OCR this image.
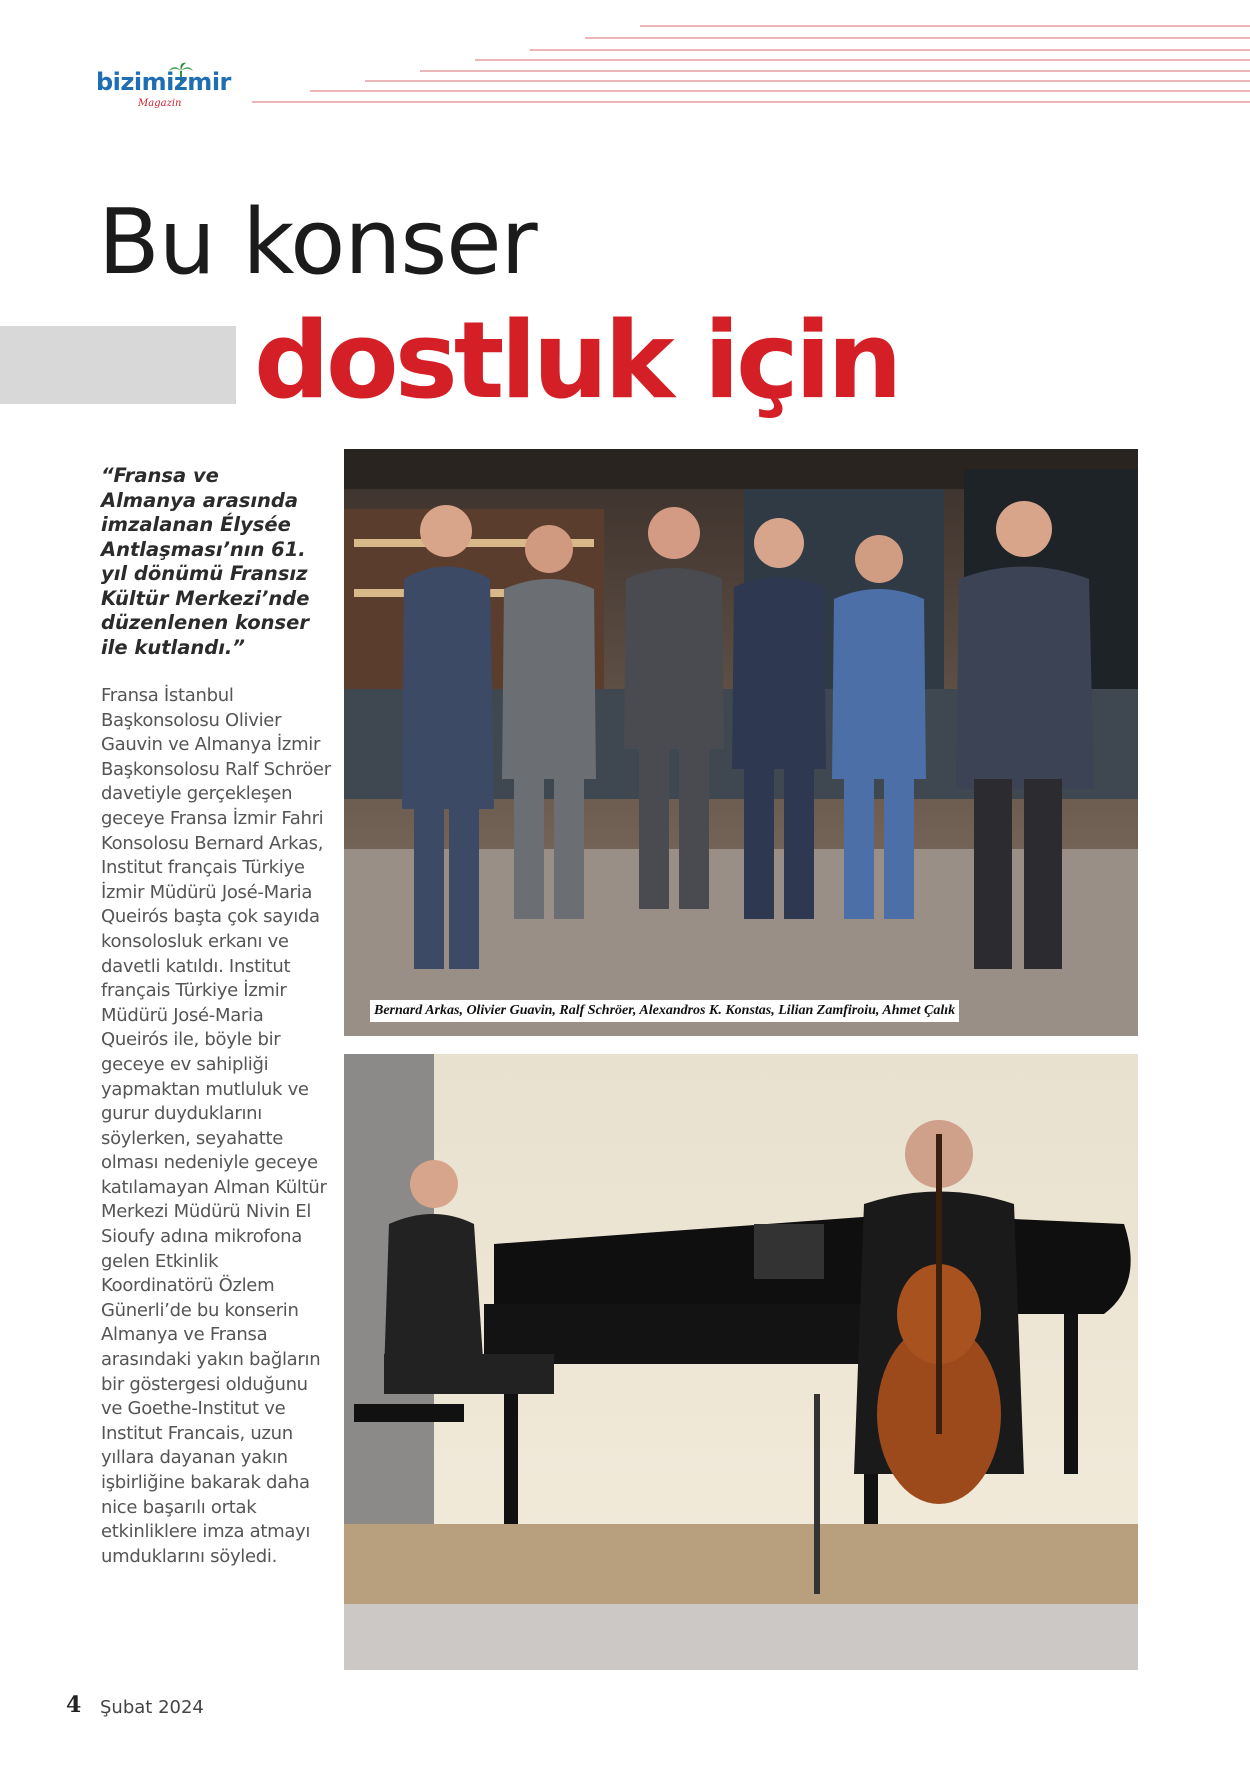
bizimizmir
Magazin
Bu konser
dostluk için

“Fransa ve Almanya arasında imzalanan Élysée Antlaşması’nın 61. yıl dönümü Fransız Kültür Merkezi’nde düzenlenen konser ile kutlandı.”

Fransa İstanbul Başkonsolosu Olivier Gauvin ve Almanya İzmir Başkonsolosu Ralf Schröer davetiyle gerçekleşen geceye Fransa İzmir Fahri Konsolosu Bernard Arkas, Institut français Türkiye İzmir Müdürü José-Maria Queirós başta çok sayıda konsolosluk erkanı ve davetli katıldı. Institut français Türkiye İzmir Müdürü José-Maria Queirós ile, böyle bir geceye ev sahipliği yapmaktan mutluluk ve gurur duyduklarını söylerken, seyahatte olması nedeniyle geceye katılamayan Alman Kültür Merkezi Müdürü Nivin El Sioufy adına mikrofona gelen Etkinlik Koordinatörü Özlem Günerli’de bu konserin Almanya ve Fransa arasındaki yakın bağların bir göstergesi olduğunu ve Goethe-Institut ve Institut Francais, uzun yıllara dayanan yakın işbirliğine bakarak daha nice başarılı ortak etkinliklere imza atmayı umduklarını söyledi.

Bernard Arkas, Olivier Guavin, Ralf Schröer, Alexandros K. Konstas, Lilian Zamfiroiu, Ahmet Çalık
4 Şubat 2024
